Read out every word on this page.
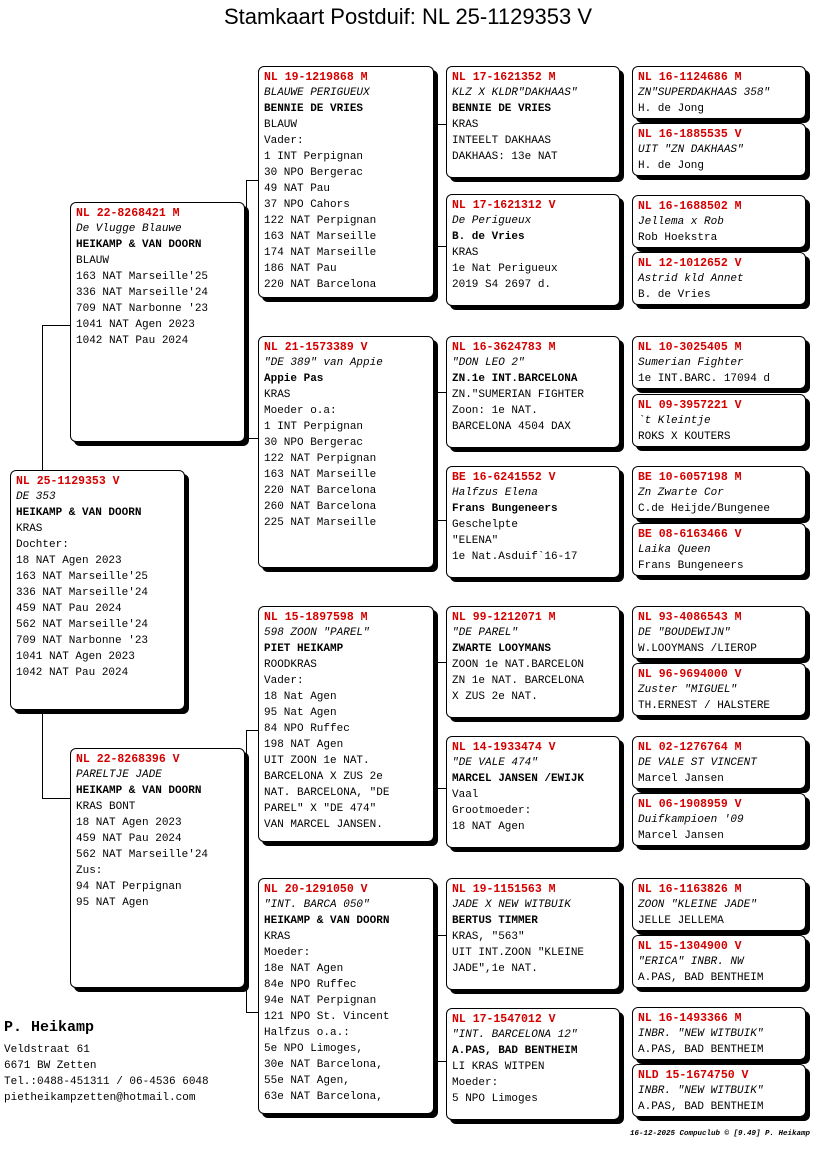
Stamkaart Postduif: NL 25-1129353 V
NL 25-1129353 V
DE 353
HEIKAMP & VAN DOORN
KRAS
Dochter:
18 NAT Agen 2023
163 NAT Marseille'25
336 NAT Marseille'24
459 NAT Pau 2024
562 NAT Marseille'24
709 NAT Narbonne '23
1041 NAT Agen 2023
1042 NAT Pau 2024
NL 22-8268421 M
De Vlugge Blauwe
HEIKAMP & VAN DOORN
BLAUW
163 NAT Marseille'25
336 NAT Marseille'24
709 NAT Narbonne '23
1041 NAT Agen 2023
1042 NAT Pau 2024
NL 22-8268396 V
PARELTJE JADE
HEIKAMP & VAN DOORN
KRAS BONT
18 NAT Agen 2023
459 NAT Pau 2024
562 NAT Marseille'24
Zus:
94 NAT Perpignan
95 NAT Agen
NL 19-1219868 M
BLAUWE PERIGUEUX
BENNIE DE VRIES
BLAUW
Vader:
1 INT Perpignan
30 NPO Bergerac
49 NAT Pau
37 NPO Cahors
122 NAT Perpignan
163 NAT Marseille
174 NAT Marseille
186 NAT Pau
220 NAT Barcelona
NL 21-1573389 V
"DE 389" van Appie
Appie Pas
KRAS
Moeder o.a:
1 INT Perpignan
30 NPO Bergerac
122 NAT Perpignan
163 NAT Marseille
220 NAT Barcelona
260 NAT Barcelona
225 NAT Marseille
NL 15-1897598 M
598 ZOON "PAREL"
PIET HEIKAMP
ROODKRAS
Vader:
18 Nat Agen
95 Nat Agen
84 NPO Ruffec
198 NAT Agen
UIT ZOON 1e NAT.
BARCELONA X ZUS 2e
NAT. BARCELONA, "DE
PAREL" X "DE 474"
VAN MARCEL JANSEN.
NL 20-1291050 V
"INT. BARCA 050"
HEIKAMP & VAN DOORN
KRAS
Moeder:
18e NAT Agen
84e NPO Ruffec
94e NAT Perpignan
121 NPO St. Vincent
Halfzus o.a.:
5e NPO Limoges,
30e NAT Barcelona,
55e NAT Agen,
63e NAT Barcelona,
NL 17-1621352 M
KLZ X KLDR"DAKHAAS"
BENNIE DE VRIES
KRAS
INTEELT DAKHAAS
DAKHAAS: 13e NAT
NL 17-1621312 V
De Perigueux
B. de Vries
KRAS
1e Nat Perigueux
2019 S4 2697 d.
NL 16-3624783 M
"DON LEO 2"
ZN.1e INT.BARCELONA
ZN."SUMERIAN FIGHTER
Zoon: 1e NAT.
BARCELONA 4504 DAX
BE 16-6241552 V
Halfzus Elena
Frans Bungeneers
Geschelpte
"ELENA"
1e Nat.Asduif`16-17
NL 99-1212071 M
"DE PAREL"
ZWARTE LOOYMANS
ZOON 1e NAT.BARCELON
ZN 1e NAT. BARCELONA
X ZUS 2e NAT.
NL 14-1933474 V
"DE VALE 474"
MARCEL JANSEN /EWIJK
Vaal
Grootmoeder:
18 NAT Agen
NL 19-1151563 M
JADE X NEW WITBUIK
BERTUS TIMMER
KRAS, "563"
UIT INT.ZOON "KLEINE
JADE",1e NAT.
NL 17-1547012 V
"INT. BARCELONA 12"
A.PAS, BAD BENTHEIM
LI KRAS WITPEN
Moeder:
5 NPO Limoges
NL 16-1124686 M
ZN"SUPERDAKHAAS 358"
H. de Jong
NL 16-1885535 V
UIT "ZN DAKHAAS"
H. de Jong
NL 16-1688502 M
Jellema x Rob
Rob Hoekstra
NL 12-1012652 V
Astrid kld Annet
B. de Vries
NL 10-3025405 M
Sumerian Fighter
1e INT.BARC. 17094 d
NL 09-3957221 V
`t Kleintje
ROKS X KOUTERS
BE 10-6057198 M
Zn Zwarte Cor
C.de Heijde/Bungenee
BE 08-6163466 V
Laika Queen
Frans Bungeneers
NL 93-4086543 M
DE "BOUDEWIJN"
W.LOOYMANS /LIEROP
NL 96-9694000 V
Zuster "MIGUEL"
TH.ERNEST / HALSTERE
NL 02-1276764 M
DE VALE ST VINCENT
Marcel Jansen
NL 06-1908959 V
Duifkampioen '09
Marcel Jansen
NL 16-1163826 M
ZOON "KLEINE JADE"
JELLE JELLEMA
NL 15-1304900 V
"ERICA" INBR. NW
A.PAS, BAD BENTHEIM
NL 16-1493366 M
INBR. "NEW WITBUIK"
A.PAS, BAD BENTHEIM
NLD 15-1674750 V
INBR. "NEW WITBUIK"
A.PAS, BAD BENTHEIM
P. Heikamp
Veldstraat 61
6671 BW Zetten
Tel.:0488-451311 / 06-4536 6048
pietheikampzetten@hotmail.com
16-12-2025 Compuclub © [9.49] P. Heikamp
